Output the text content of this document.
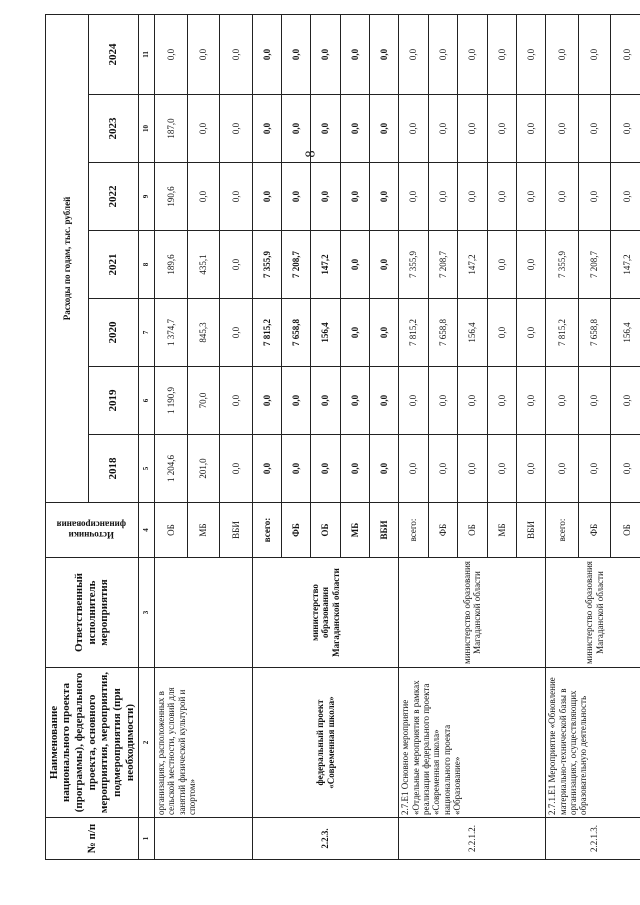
8
№ п/п	Наименование национального проекта (программы), федерального проекта, основного мероприятия, мероприятия, подмероприятия (при необходимости)	Ответственный исполнитель мероприятия	Источники финансирования	Расходы по годам, тыс. рублей						
				2018	2019	2020	2021	2022	2023	2024
1	2	3	4	5	6	7	8	9	10	11
	организациях, расположенных в сельской местности, условий для занятий физической культурой и спортом»		ОБ	1 204,6	1 190,9	1 374,7	189,6	190,6	187,0	0,0
			МБ	201,0	70,0	845,3	435,1	0,0	0,0	0,0
			ВБИ	0,0	0,0	0,0	0,0	0,0	0,0	0,0
2.2.3.	федеральный проект «Современная школа»	министерство образования Магаданской области	всего:	0,0	0,0	7 815,2	7 355,9	0,0	0,0	0,0
			ФБ	0,0	0,0	7 658,8	7 208,7	0,0	0,0	0,0
			ОБ	0,0	0,0	156,4	147,2	0,0	0,0	0,0
			МБ	0,0	0,0	0,0	0,0	0,0	0,0	0,0
			ВБИ	0,0	0,0	0,0	0,0	0,0	0,0	0,0
2.2.1.2.	2.7.Е1 Основное мероприятие «Отдельные мероприятия в рамках реализации федерального проекта «Современная школа» национального проекта «Образование»	министерство образования Магаданской области	всего:	0,0	0,0	7 815,2	7 355,9	0,0	0,0	0,0
			ФБ	0,0	0,0	7 658,8	7 208,7	0,0	0,0	0,0
			ОБ	0,0	0,0	156,4	147,2	0,0	0,0	0,0
			МБ	0,0	0,0	0,0	0,0	0,0	0,0	0,0
			ВБИ	0,0	0,0	0,0	0,0	0,0	0,0	0,0
2.2.1.3.	2.7.1.Е1 Мероприятие «Обновление материально-технической базы в организациях, осуществляющих образовательную деятельность	министерство образования Магаданской области	всего:	0,0	0,0	7 815,2	7 355,9	0,0	0,0	0,0
			ФБ	0,0	0,0	7 658,8	7 208,7	0,0	0,0	0,0
			ОБ	0,0	0,0	156,4	147,2	0,0	0,0	0,0
